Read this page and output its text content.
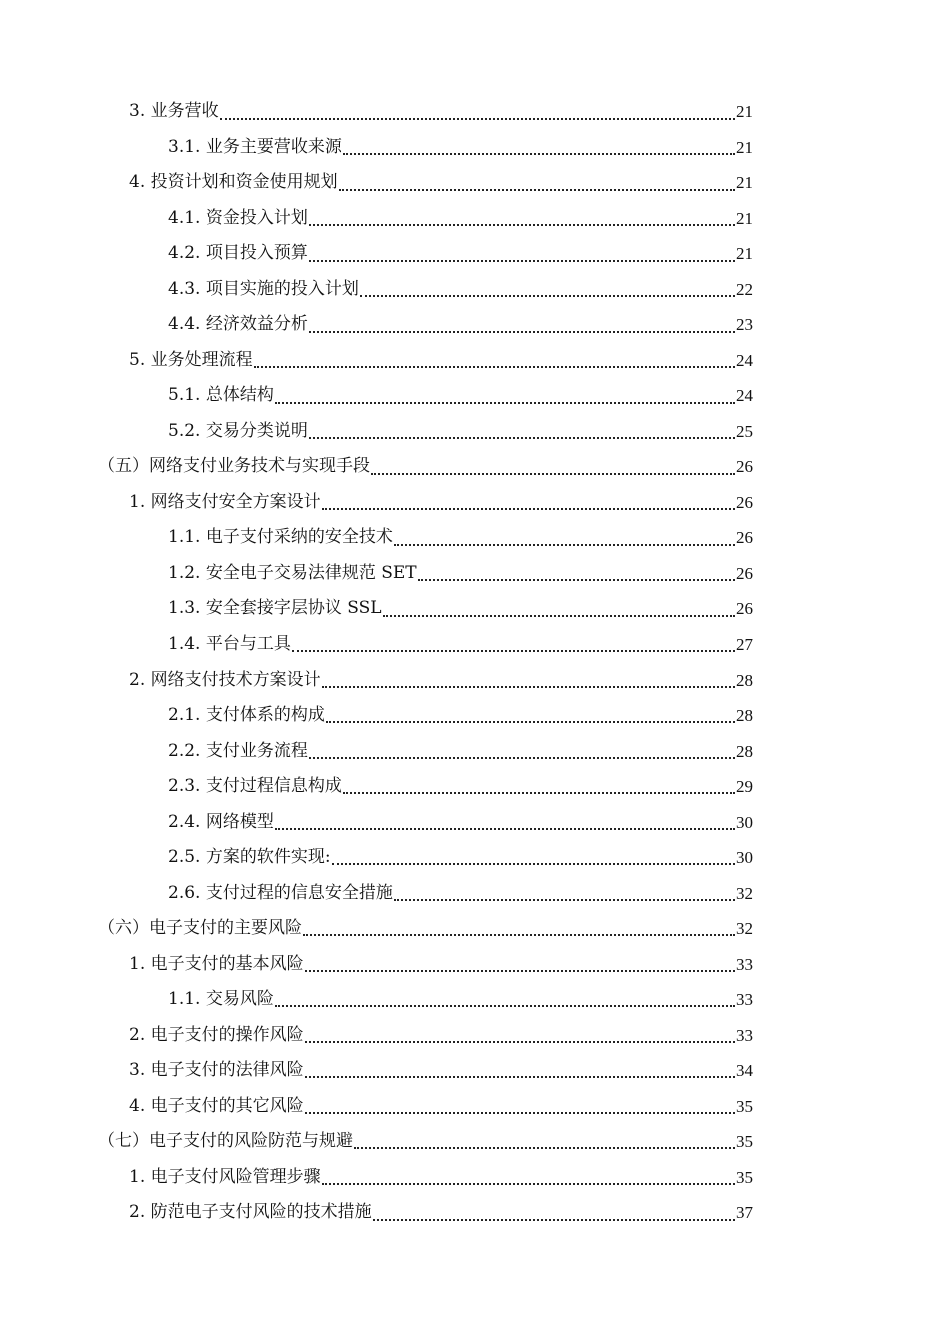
3. 业务营收	21
3.1. 业务主要营收来源	21
4. 投资计划和资金使用规划	21
4.1. 资金投入计划	21
4.2. 项目投入预算	21
4.3. 项目实施的投入计划	22
4.4. 经济效益分析	23
5. 业务处理流程	24
5.1. 总体结构	24
5.2. 交易分类说明	25
（五）网络支付业务技术与实现手段	26
1. 网络支付安全方案设计	26
1.1. 电子支付采纳的安全技术	26
1.2. 安全电子交易法律规范 SET	26
1.3. 安全套接字层协议 SSL	26
1.4. 平台与工具	27
2. 网络支付技术方案设计	28
2.1. 支付体系的构成	28
2.2. 支付业务流程	28
2.3. 支付过程信息构成	29
2.4. 网络模型	30
2.5. 方案的软件实现:	30
2.6. 支付过程的信息安全措施	32
（六）电子支付的主要风险	32
1. 电子支付的基本风险	33
1.1. 交易风险	33
2. 电子支付的操作风险	33
3. 电子支付的法律风险	34
4. 电子支付的其它风险	35
（七）电子支付的风险防范与规避	35
1. 电子支付风险管理步骤	35
2. 防范电子支付风险的技术措施	37
